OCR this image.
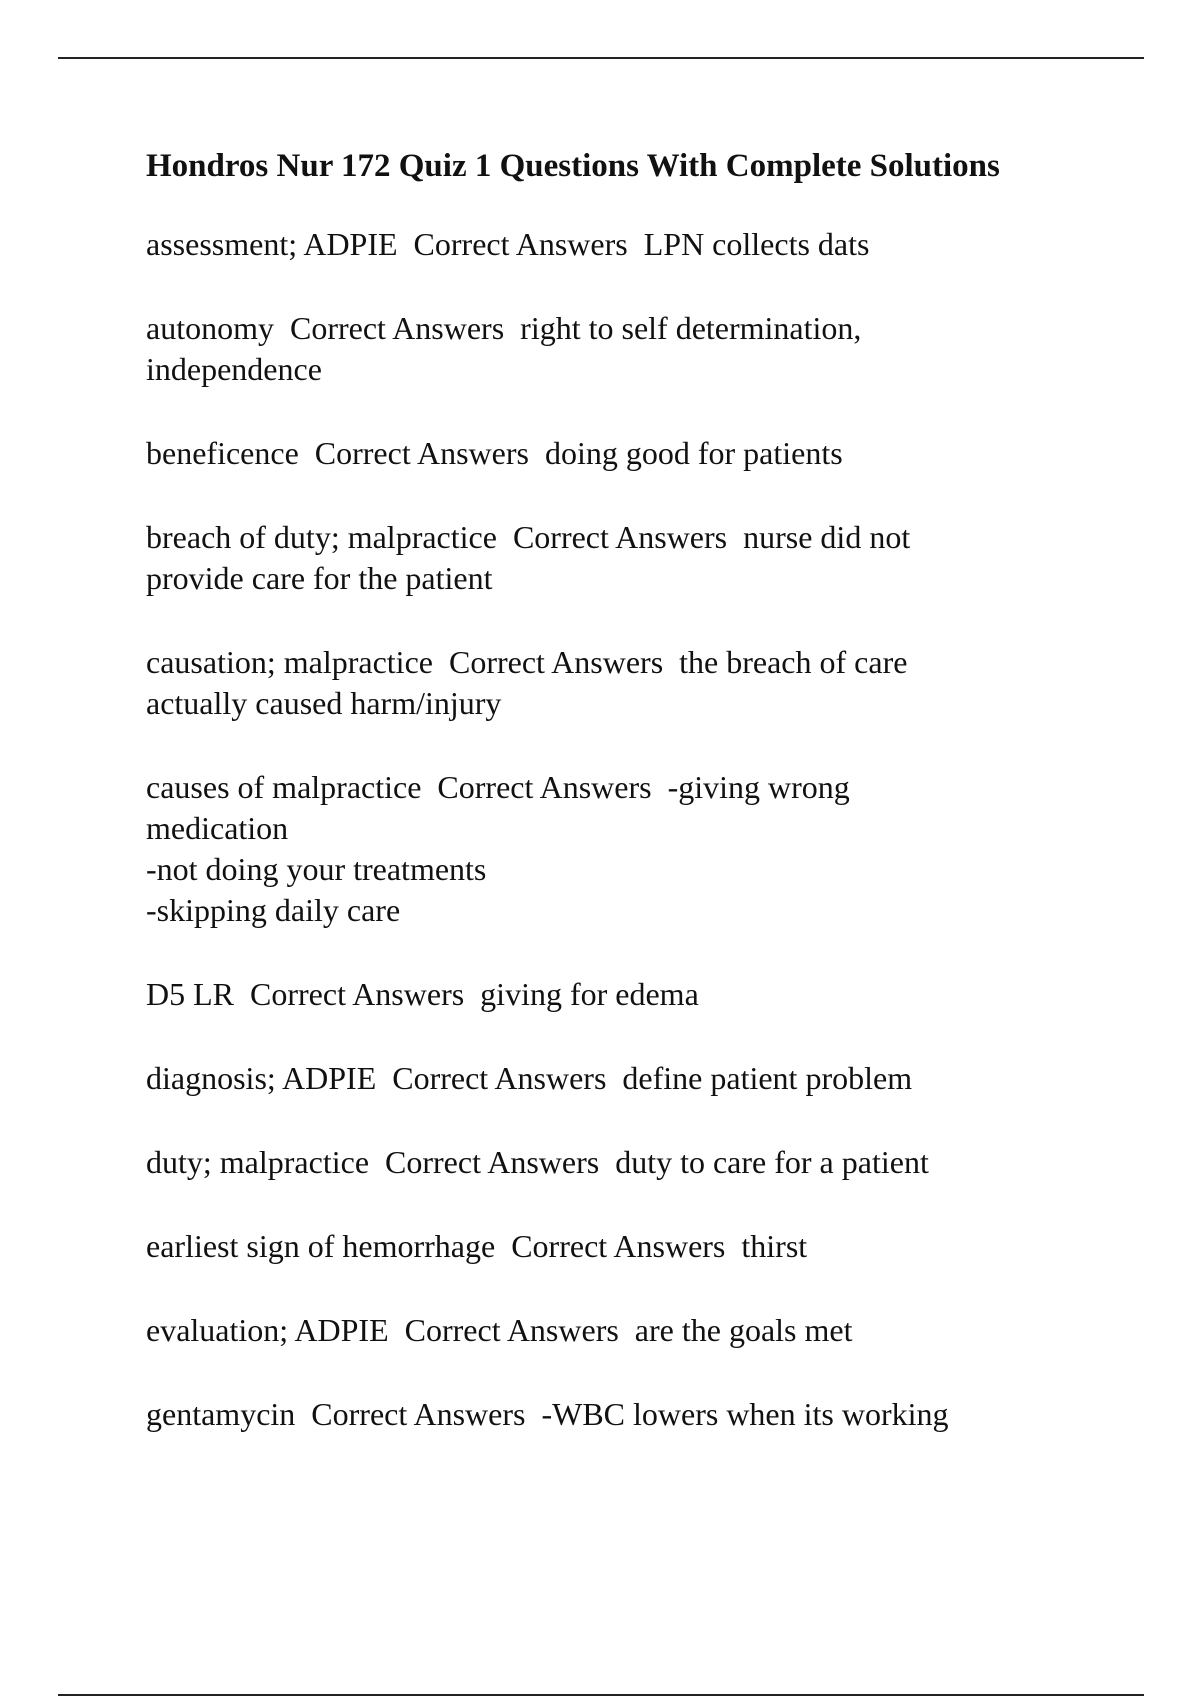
Hondros Nur 172 Quiz 1 Questions With Complete Solutions
assessment; ADPIE  Correct Answers  LPN collects dats
autonomy  Correct Answers  right to self determination,
independence
beneficence  Correct Answers  doing good for patients
breach of duty; malpractice  Correct Answers  nurse did not
provide care for the patient
causation; malpractice  Correct Answers  the breach of care
actually caused harm/injury
causes of malpractice  Correct Answers  -giving wrong
medication
-not doing your treatments
-skipping daily care
D5 LR  Correct Answers  giving for edema
diagnosis; ADPIE  Correct Answers  define patient problem
duty; malpractice  Correct Answers  duty to care for a patient
earliest sign of hemorrhage  Correct Answers  thirst
evaluation; ADPIE  Correct Answers  are the goals met
gentamycin  Correct Answers  -WBC lowers when its working
